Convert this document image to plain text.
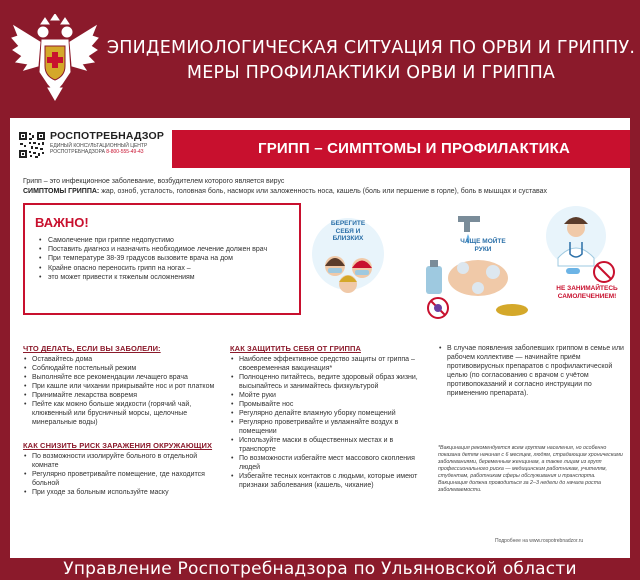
ЭПИДЕМИОЛОГИЧЕСКАЯ СИТУАЦИЯ ПО ОРВИ И ГРИППУ.
МЕРЫ ПРОФИЛАКТИКИ ОРВИ И ГРИППА
РОСПОТРЕБНАДЗОР
ЕДИНЫЙ КОНСУЛЬТАЦИОННЫЙ ЦЕНТР
РОСПОТРЕБНАДЗОРА 8-800-555-49-43	ГРИПП – СИМПТОМЫ И ПРОФИЛАКТИКА
Грипп – это инфекционное заболевание, возбудителем которого является вирус
СИМПТОМЫ ГРИППА: жар, озноб, усталость, головная боль, насморк или заложенность носа, кашель (боль или першение в горле), боль в мышцах и суставах
ВАЖНО!
• Самолечение при гриппе недопустимо
• Поставить диагноз и назначить необходимое лечение должен врач
• При температуре 38-39 градусов вызовите врача на дом
• Крайне опасно переносить грипп на ногах –
• это может привести к тяжелым осложнениям
БЕРЕГИТЕ СЕБЯ И БЛИЗКИХ	ЧАЩЕ МОЙТЕ РУКИ
НЕ ЗАНИМАЙТЕСЬ САМОЛЕЧЕНИЕМ!
ЧТО ДЕЛАТЬ, ЕСЛИ ВЫ ЗАБОЛЕЛИ:
• Оставайтесь дома
• Соблюдайте постельный режим
• Выполняйте все рекомендации лечащего врача
• При кашле или чихании прикрывайте нос и рот платком
• Принимайте лекарства вовремя
• Пейте как можно больше жидкости (горячий чай, клюквенный или брусничный морсы, щелочные минеральные воды)
КАК СНИЗИТЬ РИСК ЗАРАЖЕНИЯ ОКРУЖАЮЩИХ
• По возможности изолируйте больного в отдельной комнате
• Регулярно проветривайте помещение, где находится больной
• При уходе за больным используйте маску
КАК ЗАЩИТИТЬ СЕБЯ ОТ ГРИППА
• Наиболее эффективное средство защиты от гриппа – своевременная вакцинация*
• Полноценно питайтесь, ведите здоровый образ жизни, высыпайтесь и занимайтесь физкультурой
• Мойте руки
• Промывайте нос
• Регулярно делайте влажную уборку помещений
• Регулярно проветривайте и увлажняйте воздух в помещении
• Используйте маски в общественных местах и в транспорте
• По возможности избегайте мест массового скопления людей
• Избегайте тесных контактов с людьми, которые имеют признаки заболевания (кашель, чихание)
• В случае появления заболевших гриппом в семье или рабочем коллективе — начинайте приём противовирусных препаратов с профилактической целью (по согласованию с врачом с учётом противопоказаний и согласно инструкции по применению препарата).
*Вакцинация рекомендуется всем группам населения, но особенно показана детям начиная с 6 месяцев, людям, страдающим хроническими заболеваниями, беременным женщинам, а также лицам из групп профессионального риска — медицинским работникам, учителям, студентам, работникам сферы обслуживания и транспорта. Вакцинация должна проводиться за 2–3 недели до начала роста заболеваемости.
Подробнее на www.rospotrebnadzor.ru
Управление Роспотребнадзора по Ульяновской области
